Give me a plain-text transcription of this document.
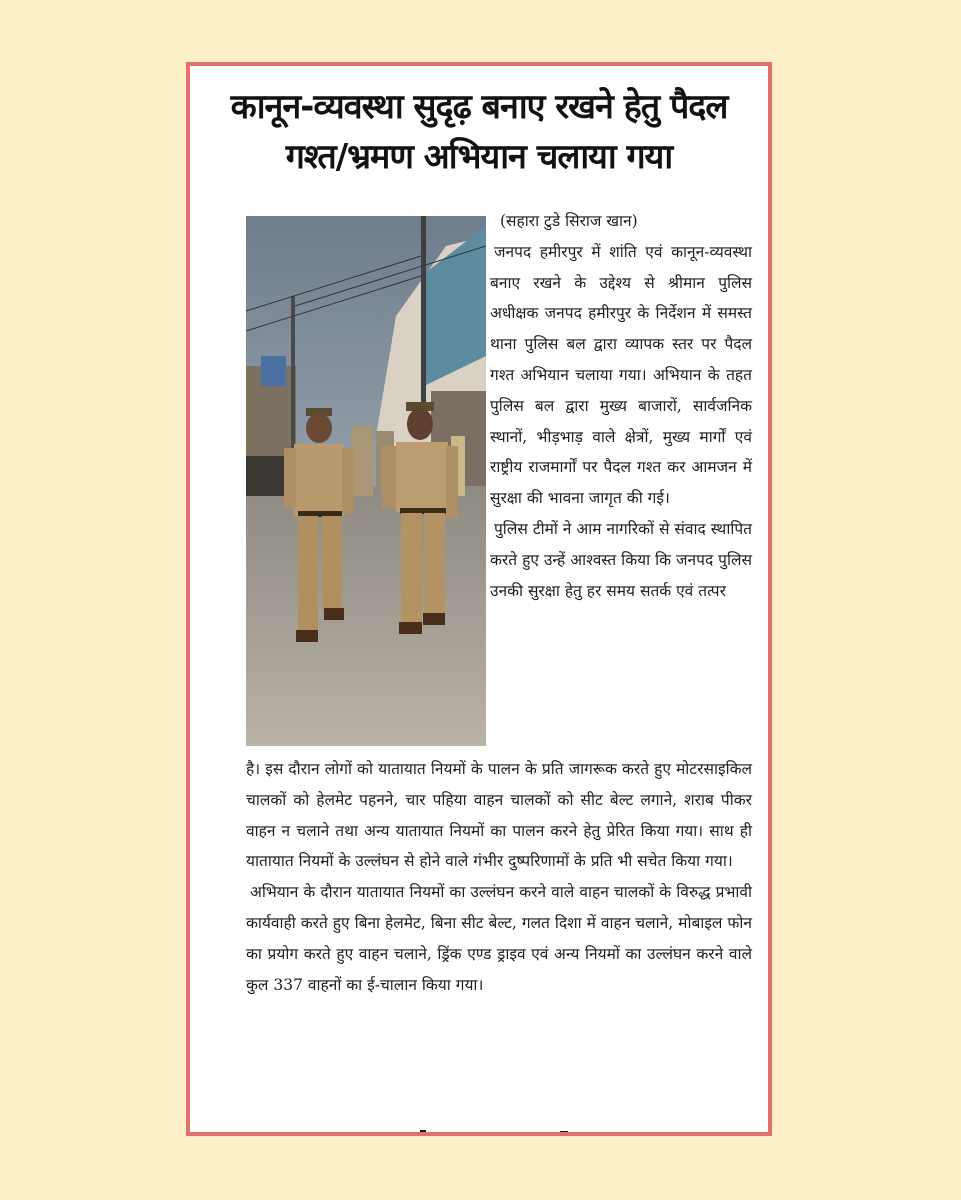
कानून-व्यवस्था सुदृढ़ बनाए रखने हेतु पैदल
गश्त/भ्रमण अभियान चलाया गया

(सहारा टुडे सिराज खान)

जनपद हमीरपुर में शांति एवं कानून-व्यवस्था बनाए रखने के उद्देश्य से श्रीमान पुलिस अधीक्षक जनपद हमीरपुर के निर्देशन में समस्त थाना पुलिस बल द्वारा व्यापक स्तर पर पैदल गश्त अभियान चलाया गया। अभियान के तहत पुलिस बल द्वारा मुख्य बाजारों, सार्वजनिक स्थानों, भीड़भाड़ वाले क्षेत्रों, मुख्य मार्गों एवं राष्ट्रीय राजमार्गों पर पैदल गश्त कर आमजन में सुरक्षा की भावना जागृत की गई।

पुलिस टीमों ने आम नागरिकों से संवाद स्थापित करते हुए उन्हें आश्वस्त किया कि जनपद पुलिस उनकी सुरक्षा हेतु हर समय सतर्क एवं तत्पर

है। इस दौरान लोगों को यातायात नियमों के पालन के प्रति जागरूक करते हुए मोटरसाइकिल चालकों को हेलमेट पहनने, चार पहिया वाहन चालकों को सीट बेल्ट लगाने, शराब पीकर वाहन न चलाने तथा अन्य यातायात नियमों का पालन करने हेतु प्रेरित किया गया। साथ ही यातायात नियमों के उल्लंघन से होने वाले गंभीर दुष्परिणामों के प्रति भी सचेत किया गया।

अभियान के दौरान यातायात नियमों का उल्लंघन करने वाले वाहन चालकों के विरुद्ध प्रभावी कार्यवाही करते हुए बिना हेलमेट, बिना सीट बेल्ट, गलत दिशा में वाहन चलाने, मोबाइल फोन का प्रयोग करते हुए वाहन चलाने, ड्रिंक एण्ड ड्राइव एवं अन्य नियमों का उल्लंघन करने वाले कुल 337 वाहनों का ई-चालान किया गया।
